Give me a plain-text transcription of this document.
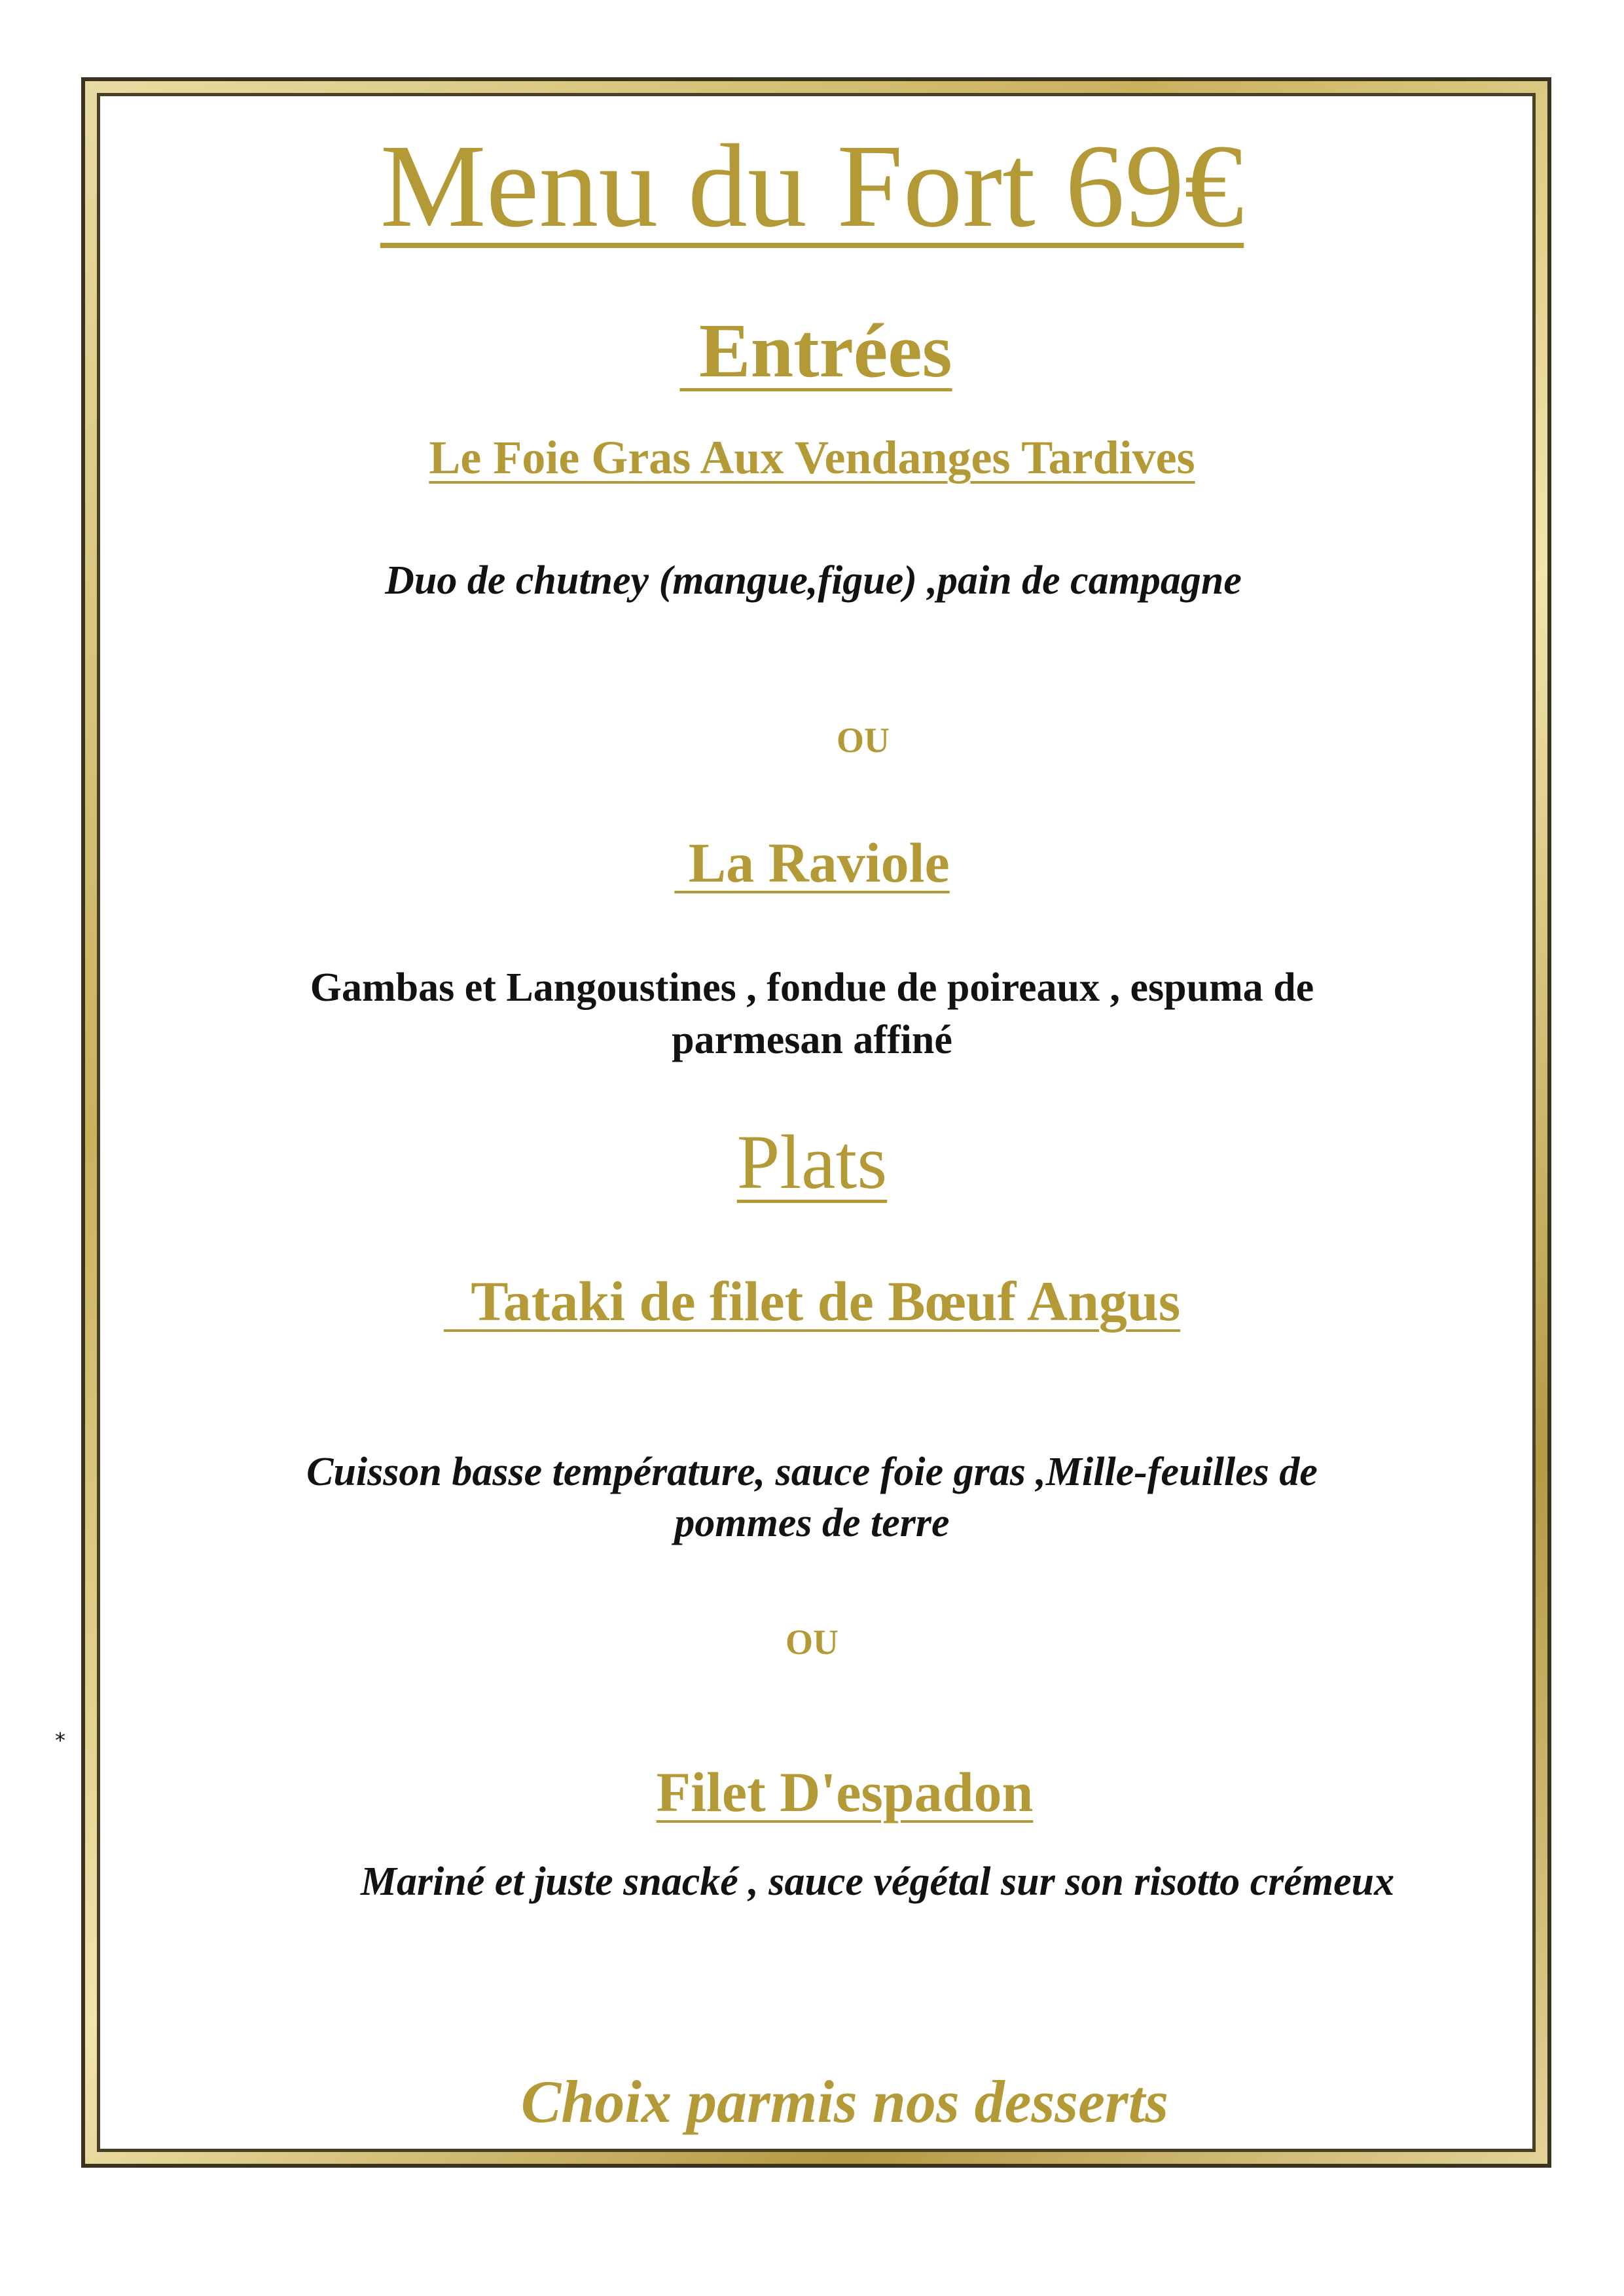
Menu du Fort 69€
Entrées
Le Foie Gras Aux Vendanges Tardives
Duo de chutney (mangue,figue) ,pain de campagne
OU
La Raviole
Gambas et Langoustines , fondue de poireaux , espuma de
parmesan affiné
Plats
Tataki de filet de Bœuf Angus
Cuisson basse température, sauce foie gras ,Mille-feuilles de
pommes de terre
OU
Filet D'espadon
Mariné et juste snacké , sauce végétal sur son risotto crémeux
Choix parmis nos desserts
*
